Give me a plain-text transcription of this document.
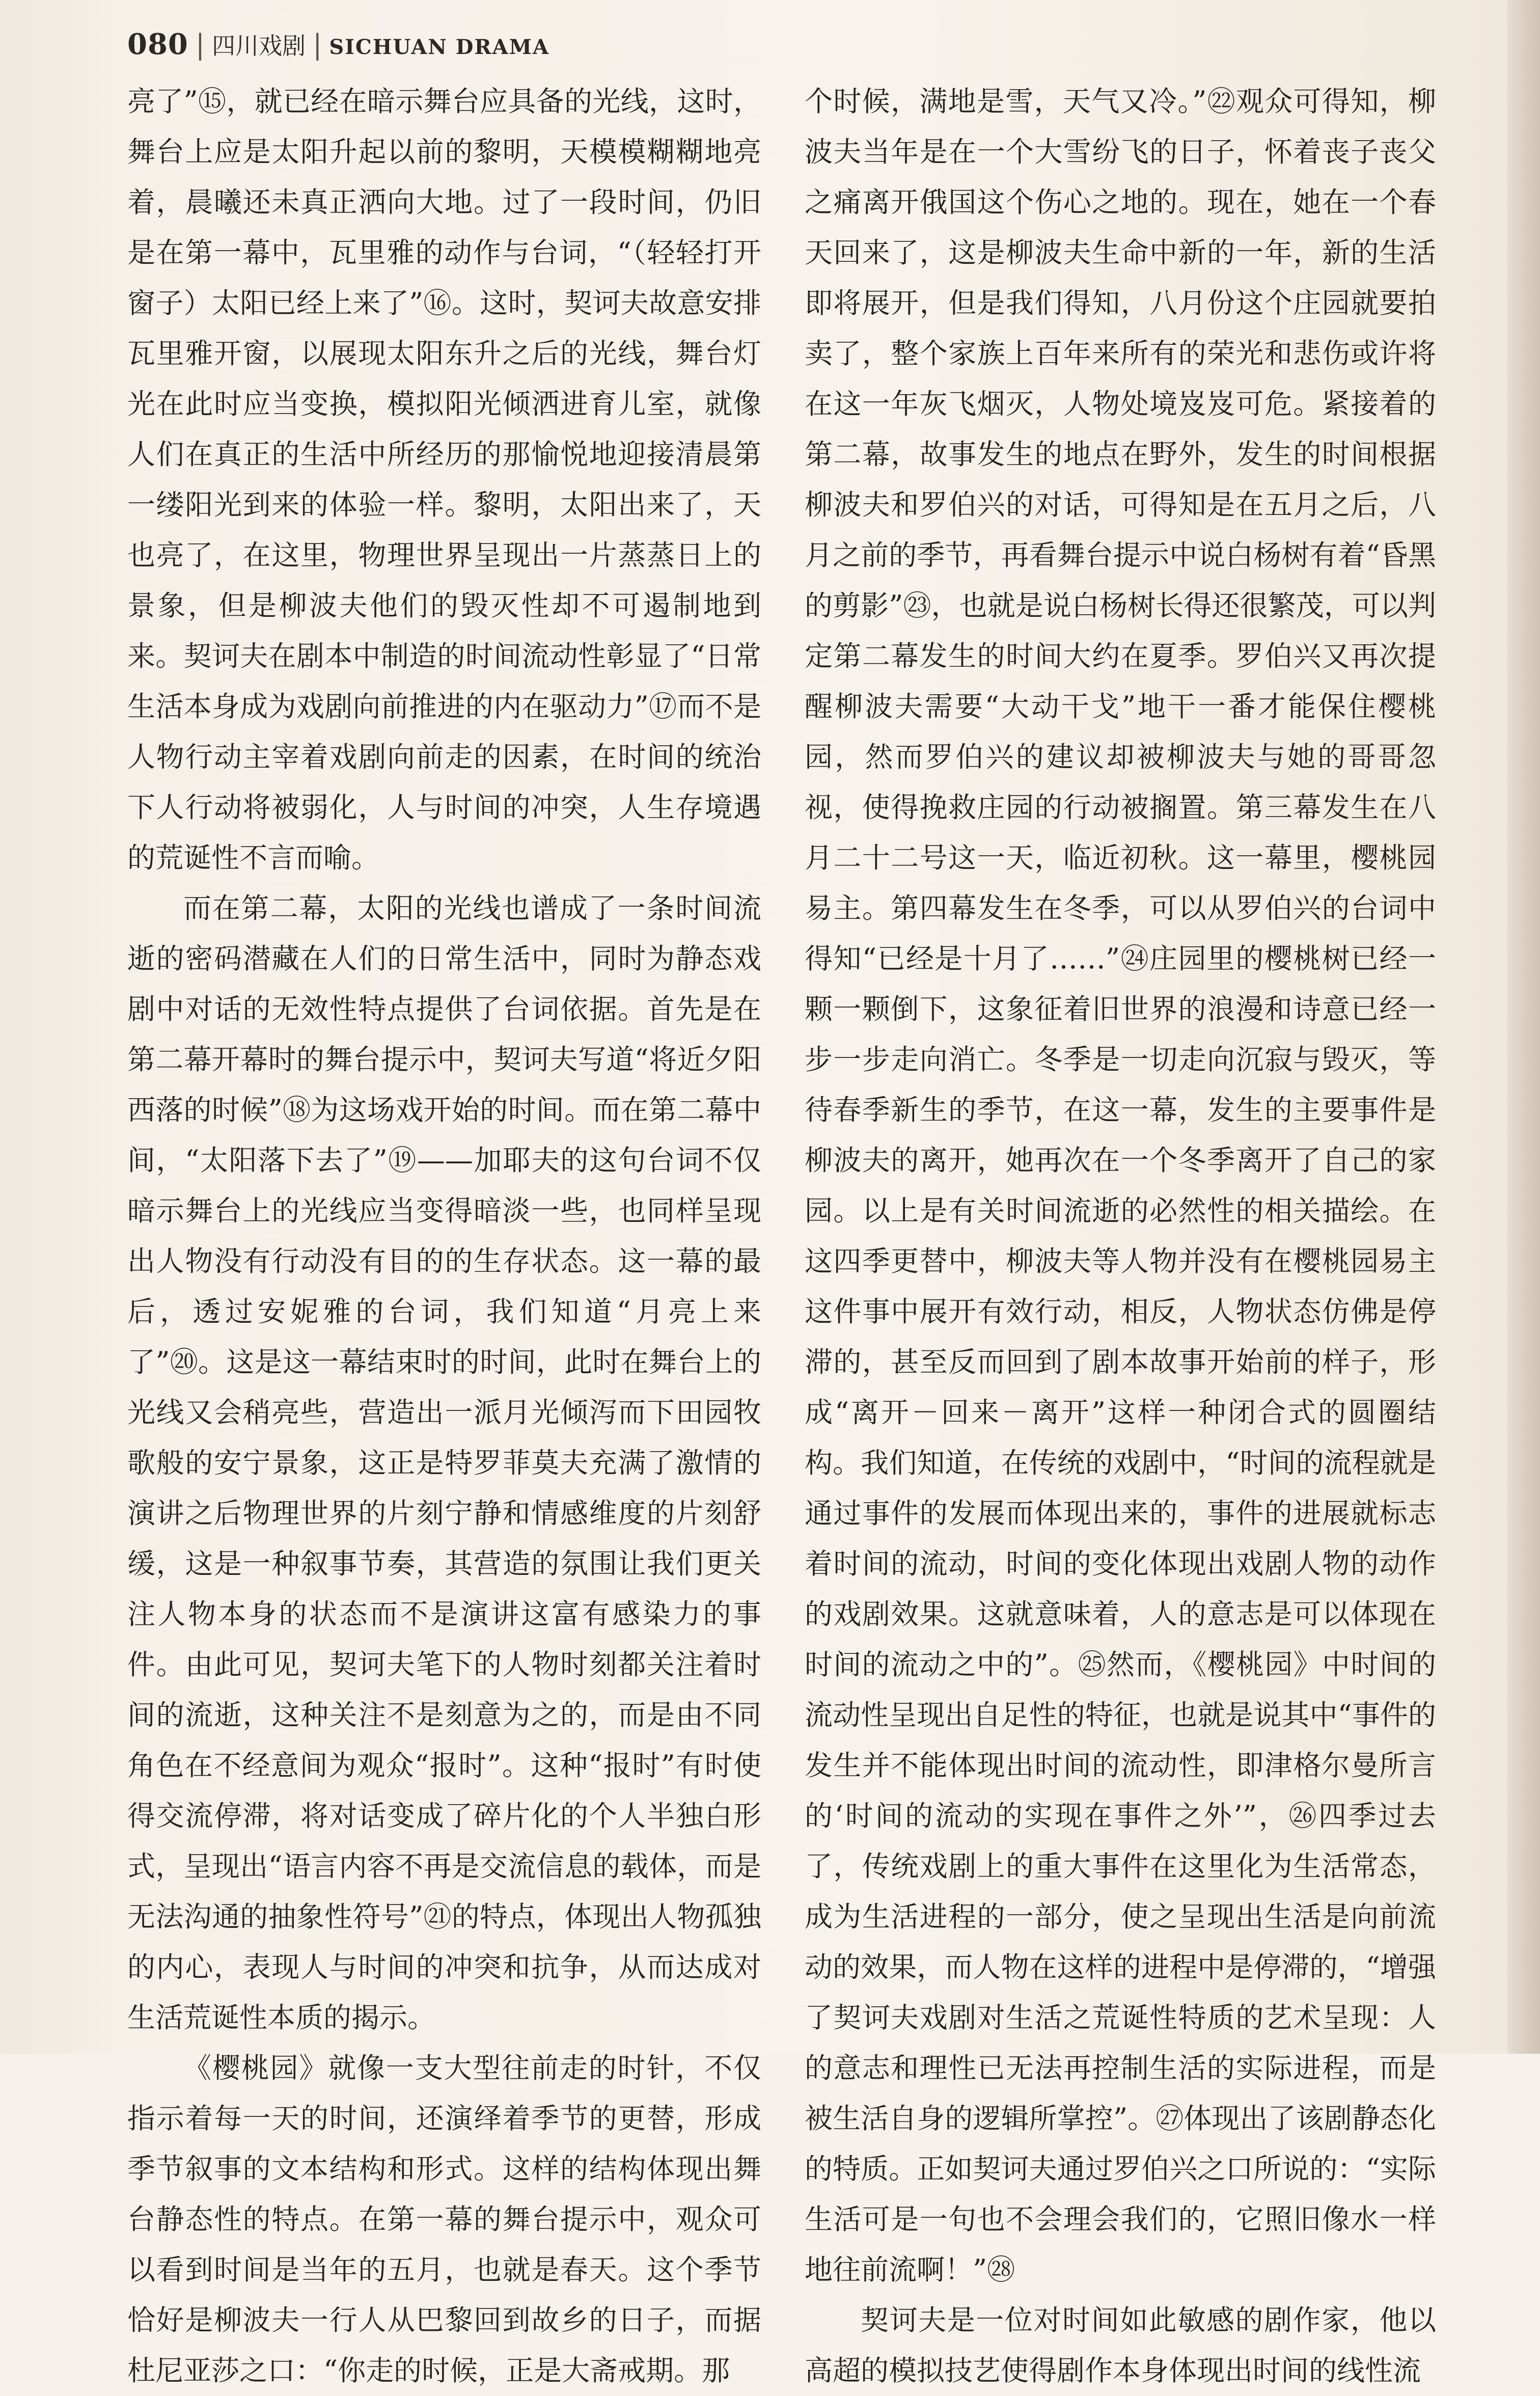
080 | 四川戏剧 | SICHUAN DRAMA

亮了”⑮，就已经在暗示舞台应具备的光线，这时，舞台上应是太阳升起以前的黎明，天模模糊糊地亮着，晨曦还未真正洒向大地。过了一段时间，仍旧是在第一幕中，瓦里雅的动作与台词，“（轻轻打开窗子）太阳已经上来了”⑯。这时，契诃夫故意安排瓦里雅开窗，以展现太阳东升之后的光线，舞台灯光在此时应当变换，模拟阳光倾洒进育儿室，就像人们在真正的生活中所经历的那愉悦地迎接清晨第一缕阳光到来的体验一样。黎明，太阳出来了，天也亮了，在这里，物理世界呈现出一片蒸蒸日上的景象，但是柳波夫他们的毁灭性却不可遏制地到来。契诃夫在剧本中制造的时间流动性彰显了“日常生活本身成为戏剧向前推进的内在驱动力”⑰而不是人物行动主宰着戏剧向前走的因素，在时间的统治下人行动将被弱化，人与时间的冲突，人生存境遇的荒诞性不言而喻。

而在第二幕，太阳的光线也谱成了一条时间流逝的密码潜藏在人们的日常生活中，同时为静态戏剧中对话的无效性特点提供了台词依据。首先是在第二幕开幕时的舞台提示中，契诃夫写道“将近夕阳西落的时候”⑱为这场戏开始的时间。而在第二幕中间，“太阳落下去了”⑲——加耶夫的这句台词不仅暗示舞台上的光线应当变得暗淡一些，也同样呈现出人物没有行动没有目的的生存状态。这一幕的最后，透过安妮雅的台词，我们知道“月亮上来了”⑳。这是这一幕结束时的时间，此时在舞台上的光线又会稍亮些，营造出一派月光倾泻而下田园牧歌般的安宁景象，这正是特罗菲莫夫充满了激情的演讲之后物理世界的片刻宁静和情感维度的片刻舒缓，这是一种叙事节奏，其营造的氛围让我们更关注人物本身的状态而不是演讲这富有感染力的事件。由此可见，契诃夫笔下的人物时刻都关注着时间的流逝，这种关注不是刻意为之的，而是由不同角色在不经意间为观众“报时”。这种“报时”有时使得交流停滞，将对话变成了碎片化的个人半独白形式，呈现出“语言内容不再是交流信息的载体，而是无法沟通的抽象性符号”㉑的特点，体现出人物孤独的内心，表现人与时间的冲突和抗争，从而达成对生活荒诞性本质的揭示。

《樱桃园》就像一支大型往前走的时针，不仅指示着每一天的时间，还演绎着季节的更替，形成季节叙事的文本结构和形式。这样的结构体现出舞台静态性的特点。在第一幕的舞台提示中，观众可以看到时间是当年的五月，也就是春天。这个季节恰好是柳波夫一行人从巴黎回到故乡的日子，而据杜尼亚莎之口：“你走的时候，正是大斋戒期。那

个时候，满地是雪，天气又冷。”㉒观众可得知，柳波夫当年是在一个大雪纷飞的日子，怀着丧子丧父之痛离开俄国这个伤心之地的。现在，她在一个春天回来了，这是柳波夫生命中新的一年，新的生活即将展开，但是我们得知，八月份这个庄园就要拍卖了，整个家族上百年来所有的荣光和悲伤或许将在这一年灰飞烟灭，人物处境岌岌可危。紧接着的第二幕，故事发生的地点在野外，发生的时间根据柳波夫和罗伯兴的对话，可得知是在五月之后，八月之前的季节，再看舞台提示中说白杨树有着“昏黑的剪影”㉓，也就是说白杨树长得还很繁茂，可以判定第二幕发生的时间大约在夏季。罗伯兴又再次提醒柳波夫需要“大动干戈”地干一番才能保住樱桃园，然而罗伯兴的建议却被柳波夫与她的哥哥忽视，使得挽救庄园的行动被搁置。第三幕发生在八月二十二号这一天，临近初秋。这一幕里，樱桃园易主。第四幕发生在冬季，可以从罗伯兴的台词中得知“已经是十月了……”㉔庄园里的樱桃树已经一颗一颗倒下，这象征着旧世界的浪漫和诗意已经一步一步走向消亡。冬季是一切走向沉寂与毁灭，等待春季新生的季节，在这一幕，发生的主要事件是柳波夫的离开，她再次在一个冬季离开了自己的家园。以上是有关时间流逝的必然性的相关描绘。在这四季更替中，柳波夫等人物并没有在樱桃园易主这件事中展开有效行动，相反，人物状态仿佛是停滞的，甚至反而回到了剧本故事开始前的样子，形成“离开－回来－离开”这样一种闭合式的圆圈结构。我们知道，在传统的戏剧中，“时间的流程就是通过事件的发展而体现出来的，事件的进展就标志着时间的流动，时间的变化体现出戏剧人物的动作的戏剧效果。这就意味着，人的意志是可以体现在时间的流动之中的”。㉕然而，《樱桃园》中时间的流动性呈现出自足性的特征，也就是说其中“事件的发生并不能体现出时间的流动性，即津格尔曼所言的‘时间的流动的实现在事件之外’”，㉖四季过去了，传统戏剧上的重大事件在这里化为生活常态，成为生活进程的一部分，使之呈现出生活是向前流动的效果，而人物在这样的进程中是停滞的，“增强了契诃夫戏剧对生活之荒诞性特质的艺术呈现：人的意志和理性已无法再控制生活的实际进程，而是被生活自身的逻辑所掌控”。㉗体现出了该剧静态化的特质。正如契诃夫通过罗伯兴之口所说的：“实际生活可是一句也不会理会我们的，它照旧像水一样地往前流啊！”㉘

契诃夫是一位对时间如此敏感的剧作家，他以高超的模拟技艺使得剧作本身体现出时间的线性流
